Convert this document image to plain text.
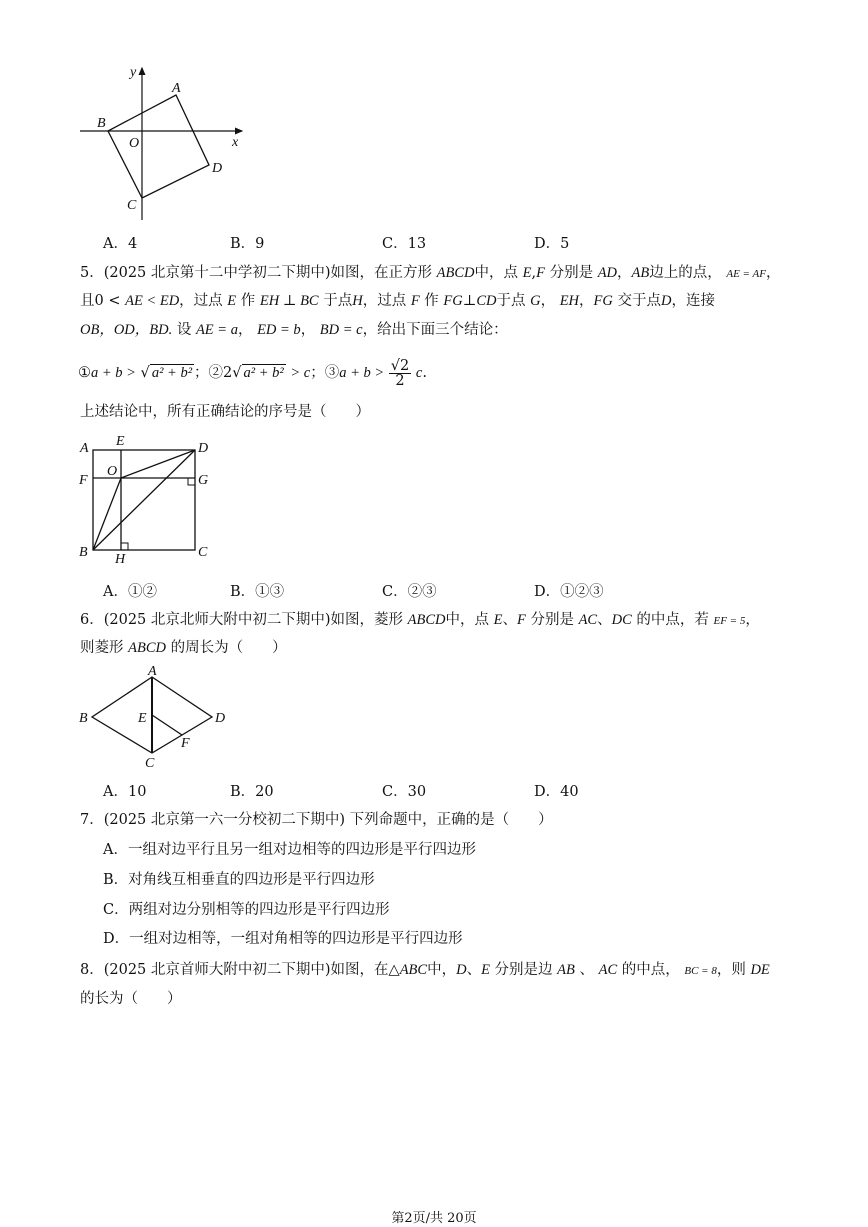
y
x
A
B
O
C
D
A．4	B．9	C．13	D．5
5．(2025 北京第十二中学初二下期中)如图，在正方形 ABCD中，点 E,F 分别是 AD，AB边上的点， AE = AF，
且0 < AE < ED，过点 E 作 EH ⊥ BC 于点H，过点 F 作 FG⊥CD于点 G， EH，FG 交于点D，连接
OB，OD，BD. 设 AE = a， ED = b， BD = c，给出下面三个结论：
①a + b > √ a² + b² ；②2√ a² + b² > c；③a + $b > \frac{√2}{2} c$.
上述结论中，所有正确结论的序号是（　　）
A E	D
O
F	G
B H	C
A．①②	B．①③	C．②③	D．①②③
6．(2025 北京北师大附中初二下期中)如图，菱形 ABCD中，点 E、F 分别是 AC、DC 的中点，若 EF = 5，
则菱形 ABCD 的周长为（　　）
A
B	E	D
F
C
A．10	B．20	C．30	D．40
7．(2025 北京第一六一分校初二下期中) 下列命题中，正确的是（　　）
A．一组对边平行且另一组对边相等的四边形是平行四边形
B．对角线互相垂直的四边形是平行四边形
C．两组对边分别相等的四边形是平行四边形
D．一组对边相等，一组对角相等的四边形是平行四边形
8．(2025 北京首师大附中初二下期中)如图，在△ABC中，D、E 分别是边 AB 、 AC 的中点， BC = 8，则 DE
的长为（　　）
第2页/共 20页
